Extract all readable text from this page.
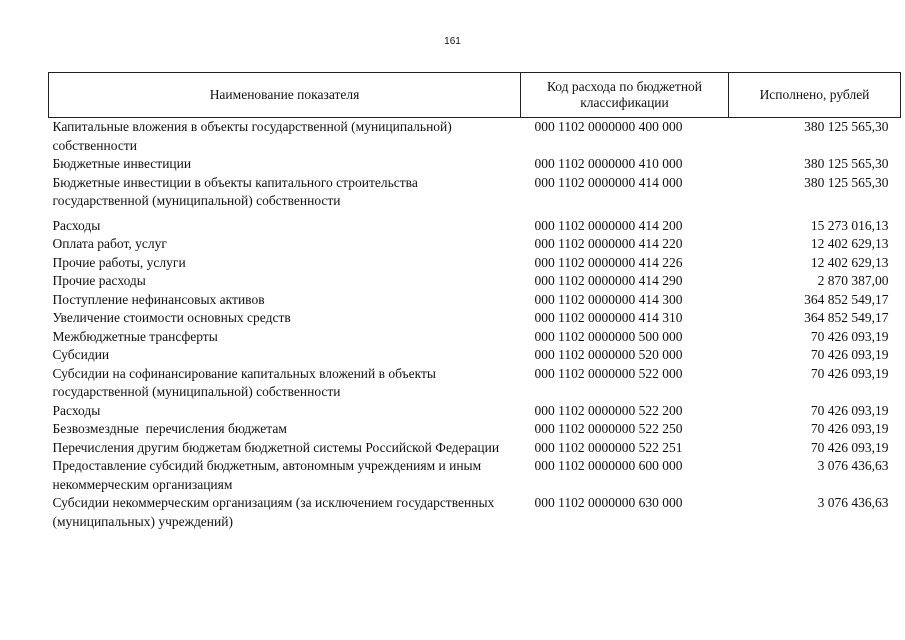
161
Наименование показателя	Код расхода по бюджетной классификации	Исполнено, рублей
Капитальные вложения в объекты государственной (муниципальной) собственности	000 1102 0000000 400 000	380 125 565,30
Бюджетные инвестиции	000 1102 0000000 410 000	380 125 565,30
Бюджетные инвестиции в объекты капитального строительства государственной (муниципальной) собственности	000 1102 0000000 414 000	380 125 565,30
Расходы	000 1102 0000000 414 200	15 273 016,13
Оплата работ, услуг	000 1102 0000000 414 220	12 402 629,13
Прочие работы, услуги	000 1102 0000000 414 226	12 402 629,13
Прочие расходы	000 1102 0000000 414 290	2 870 387,00
Поступление нефинансовых активов	000 1102 0000000 414 300	364 852 549,17
Увеличение стоимости основных средств	000 1102 0000000 414 310	364 852 549,17
Межбюджетные трансферты	000 1102 0000000 500 000	70 426 093,19
Субсидии	000 1102 0000000 520 000	70 426 093,19
Субсидии на софинансирование капитальных вложений в объекты государственной (муниципальной) собственности	000 1102 0000000 522 000	70 426 093,19
Расходы	000 1102 0000000 522 200	70 426 093,19
Безвозмездные  перечисления бюджетам	000 1102 0000000 522 250	70 426 093,19
Перечисления другим бюджетам бюджетной системы Российской Федерации	000 1102 0000000 522 251	70 426 093,19
Предоставление субсидий бюджетным, автономным учреждениям и иным некоммерческим организациям	000 1102 0000000 600 000	3 076 436,63
Субсидии некоммерческим организациям (за исключением государственных (муниципальных) учреждений)	000 1102 0000000 630 000	3 076 436,63
